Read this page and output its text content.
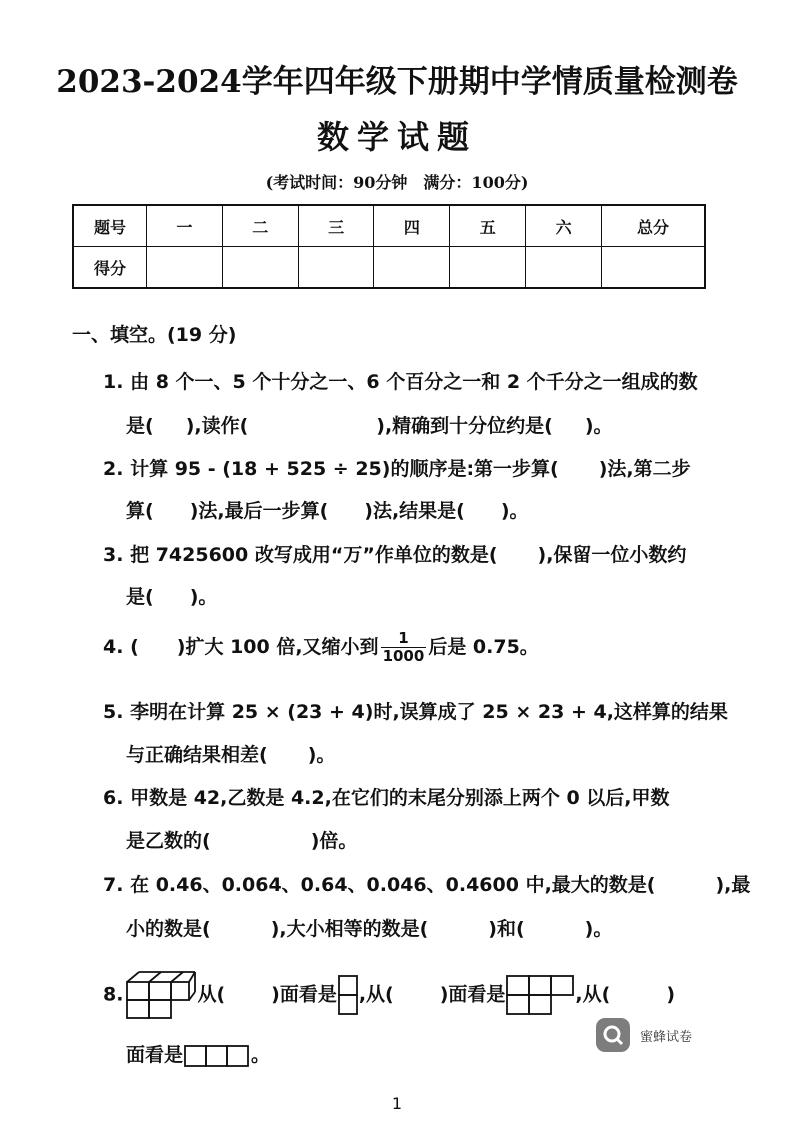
2023-2024学年四年级下册期中学情质量检测卷
数学试题
(考试时间：90分钟　满分：100分)
题号	一	二	三	四	五	六	总分
得分							
一、填空。(19 分)
1. 由 8 个一、5 个十分之一、6 个百分之一和 2 个千分之一组成的数
是( ),读作(	),精确到十分位约是( )。
2. 计算 95 - (18 + 525 ÷ 25)的顺序是:第一步算( )法,第二步
算( )法,最后一步算( )法,结果是( )。
3. 把 7425600 改写成用“万”作单位的数是( ),保留一位小数约
是( )。
4. ( )扩大 100 倍,又缩小到 $\frac{1}{1000}$ 后是 0.75。
5. 李明在计算 25 × (23 + 4)时,误算成了 25 × 23 + 4,这样算的结果
与正确结果相差( )。
6. 甲数是 42,乙数是 4.2,在它们的末尾分别添上两个 0 以后,甲数
是乙数的(	)倍。
7. 在 0.46、0.064、0.64、0.046、0.4600 中,最大的数是(	),最
小的数是(	),大小相等的数是(	)和(	)。
8.	从( )面看是 ,从( )面看是	,从(	)
面看是	。
蜜蜂试卷
1
